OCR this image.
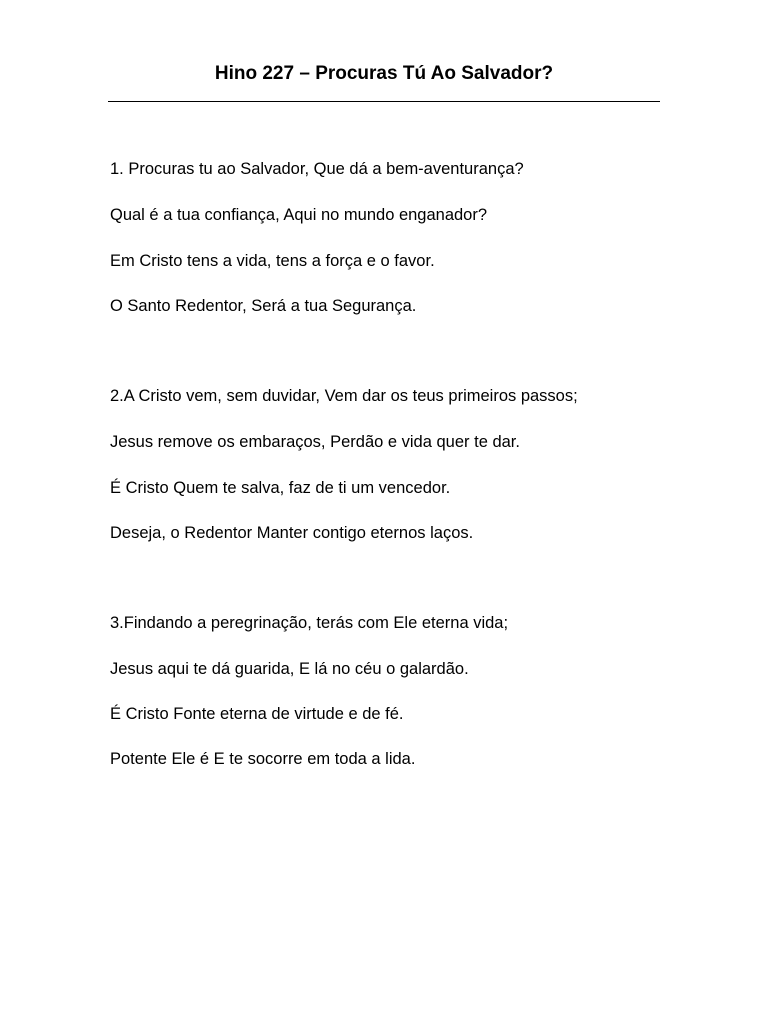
Hino 227 – Procuras Tú Ao Salvador?
1. Procuras tu ao Salvador, Que dá a bem-aventurança?
Qual é a tua confiança, Aqui no mundo enganador?
Em Cristo tens a vida, tens a força e o favor.
O Santo Redentor, Será a tua Segurança.
2.A Cristo vem, sem duvidar, Vem dar os teus primeiros passos;
Jesus remove os embaraços, Perdão e vida quer te dar.
É Cristo Quem te salva, faz de ti um vencedor.
Deseja, o Redentor Manter contigo eternos laços.
3.Findando a peregrinação, terás com Ele eterna vida;
Jesus aqui te dá guarida, E lá no céu o galardão.
É Cristo Fonte eterna de virtude e de fé.
Potente Ele é E te socorre em toda a lida.
